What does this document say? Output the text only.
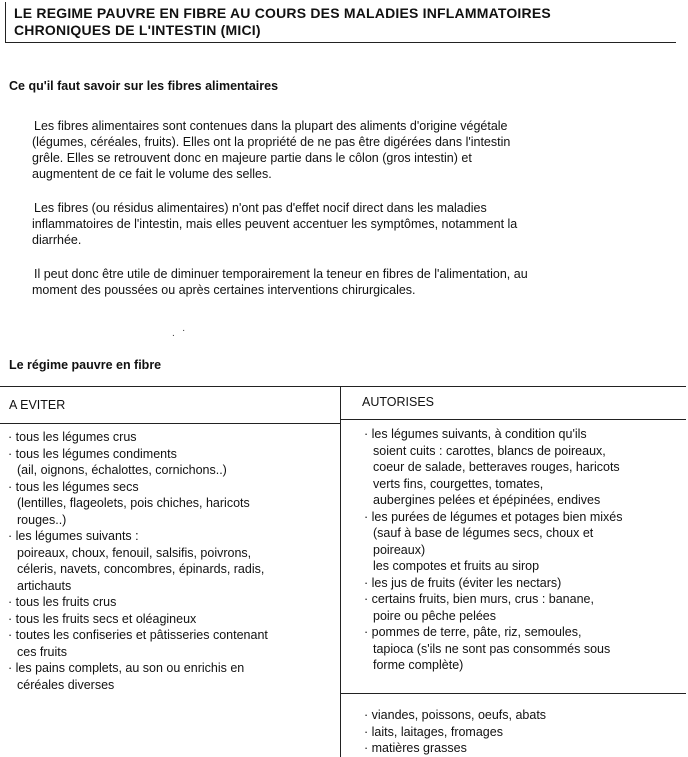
LE REGIME PAUVRE EN FIBRE AU COURS DES MALADIES INFLAMMATOIRES
CHRONIQUES DE L'INTESTIN (MICI)
Ce qu'il faut savoir sur les fibres alimentaires
Les fibres alimentaires sont contenues dans la plupart des aliments d'origine végétale
(légumes, céréales, fruits). Elles ont la propriété de ne pas être digérées dans l'intestin
grêle. Elles se retrouvent donc en majeure partie dans le côlon (gros intestin) et
augmentent de ce fait le volume des selles.
Les fibres (ou résidus alimentaires) n'ont pas d'effet nocif direct dans les maladies
inflammatoires de l'intestin, mais elles peuvent accentuer les symptômes, notamment la
diarrhée.
Il peut donc être utile de diminuer temporairement la teneur en fibres de l'alimentation, au
moment des poussées ou après certaines interventions chirurgicales.
. ·
Le régime pauvre en fibre
A EVITER	AUTORISES
· tous les légumes crus
· tous les légumes condiments
(ail, oignons, échalottes, cornichons..)
· tous les légumes secs
(lentilles, flageolets, pois chiches, haricots
rouges..)
· les légumes suivants :
poireaux, choux, fenouil, salsifis, poivrons,
céleris, navets, concombres, épinards, radis,
artichauts
· tous les fruits crus
· tous les fruits secs et oléagineux
· toutes les confiseries et pâtisseries contenant
ces fruits
· les pains complets, au son ou enrichis en
céréales diverses
· les légumes suivants, à condition qu'ils
soient cuits : carottes, blancs de poireaux,
coeur de salade, betteraves rouges, haricots
verts fins, courgettes, tomates,
aubergines pelées et épépinées, endives
· les purées de légumes et potages bien mixés
(sauf à base de légumes secs, choux et
poireaux)
les compotes et fruits au sirop
· les jus de fruits (éviter les nectars)
· certains fruits, bien murs, crus : banane,
poire ou pêche pelées
· pommes de terre, pâte, riz, semoules,
tapioca (s'ils ne sont pas consommés sous
forme complète)
· viandes, poissons, oeufs, abats
· laits, laitages, fromages
· matières grasses
